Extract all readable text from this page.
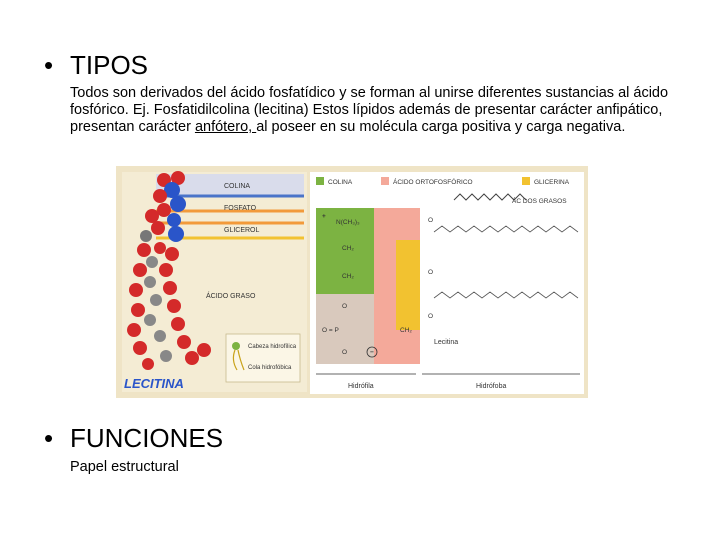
• TIPOS
Todos son derivados del ácido fosfatídico y se forman al unirse diferentes sustancias al ácido fosfórico. Ej. Fosfatidilcolina (lecitina) Estos lípidos además de presentar carácter anfipático, presentan carácter anfótero, al poseer en su molécula carga positiva y carga negativa.
COLINA
FOSFATO
GLICEROL
ÁCIDO GRASO
Cabeza hidrofílica
Cola hidrofóbica
LECITINA
COLINA	ÁCIDO ORTOFOSFÓRICO	GLICERINA
ÁC DOS GRASOS
+
N(CH₃)₃
CH₂
CH₂
O
O = P
O
O
O
O
CH₂
−
Lecitina
Hidrófila	Hidrófoba
• FUNCIONES
Papel estructural
